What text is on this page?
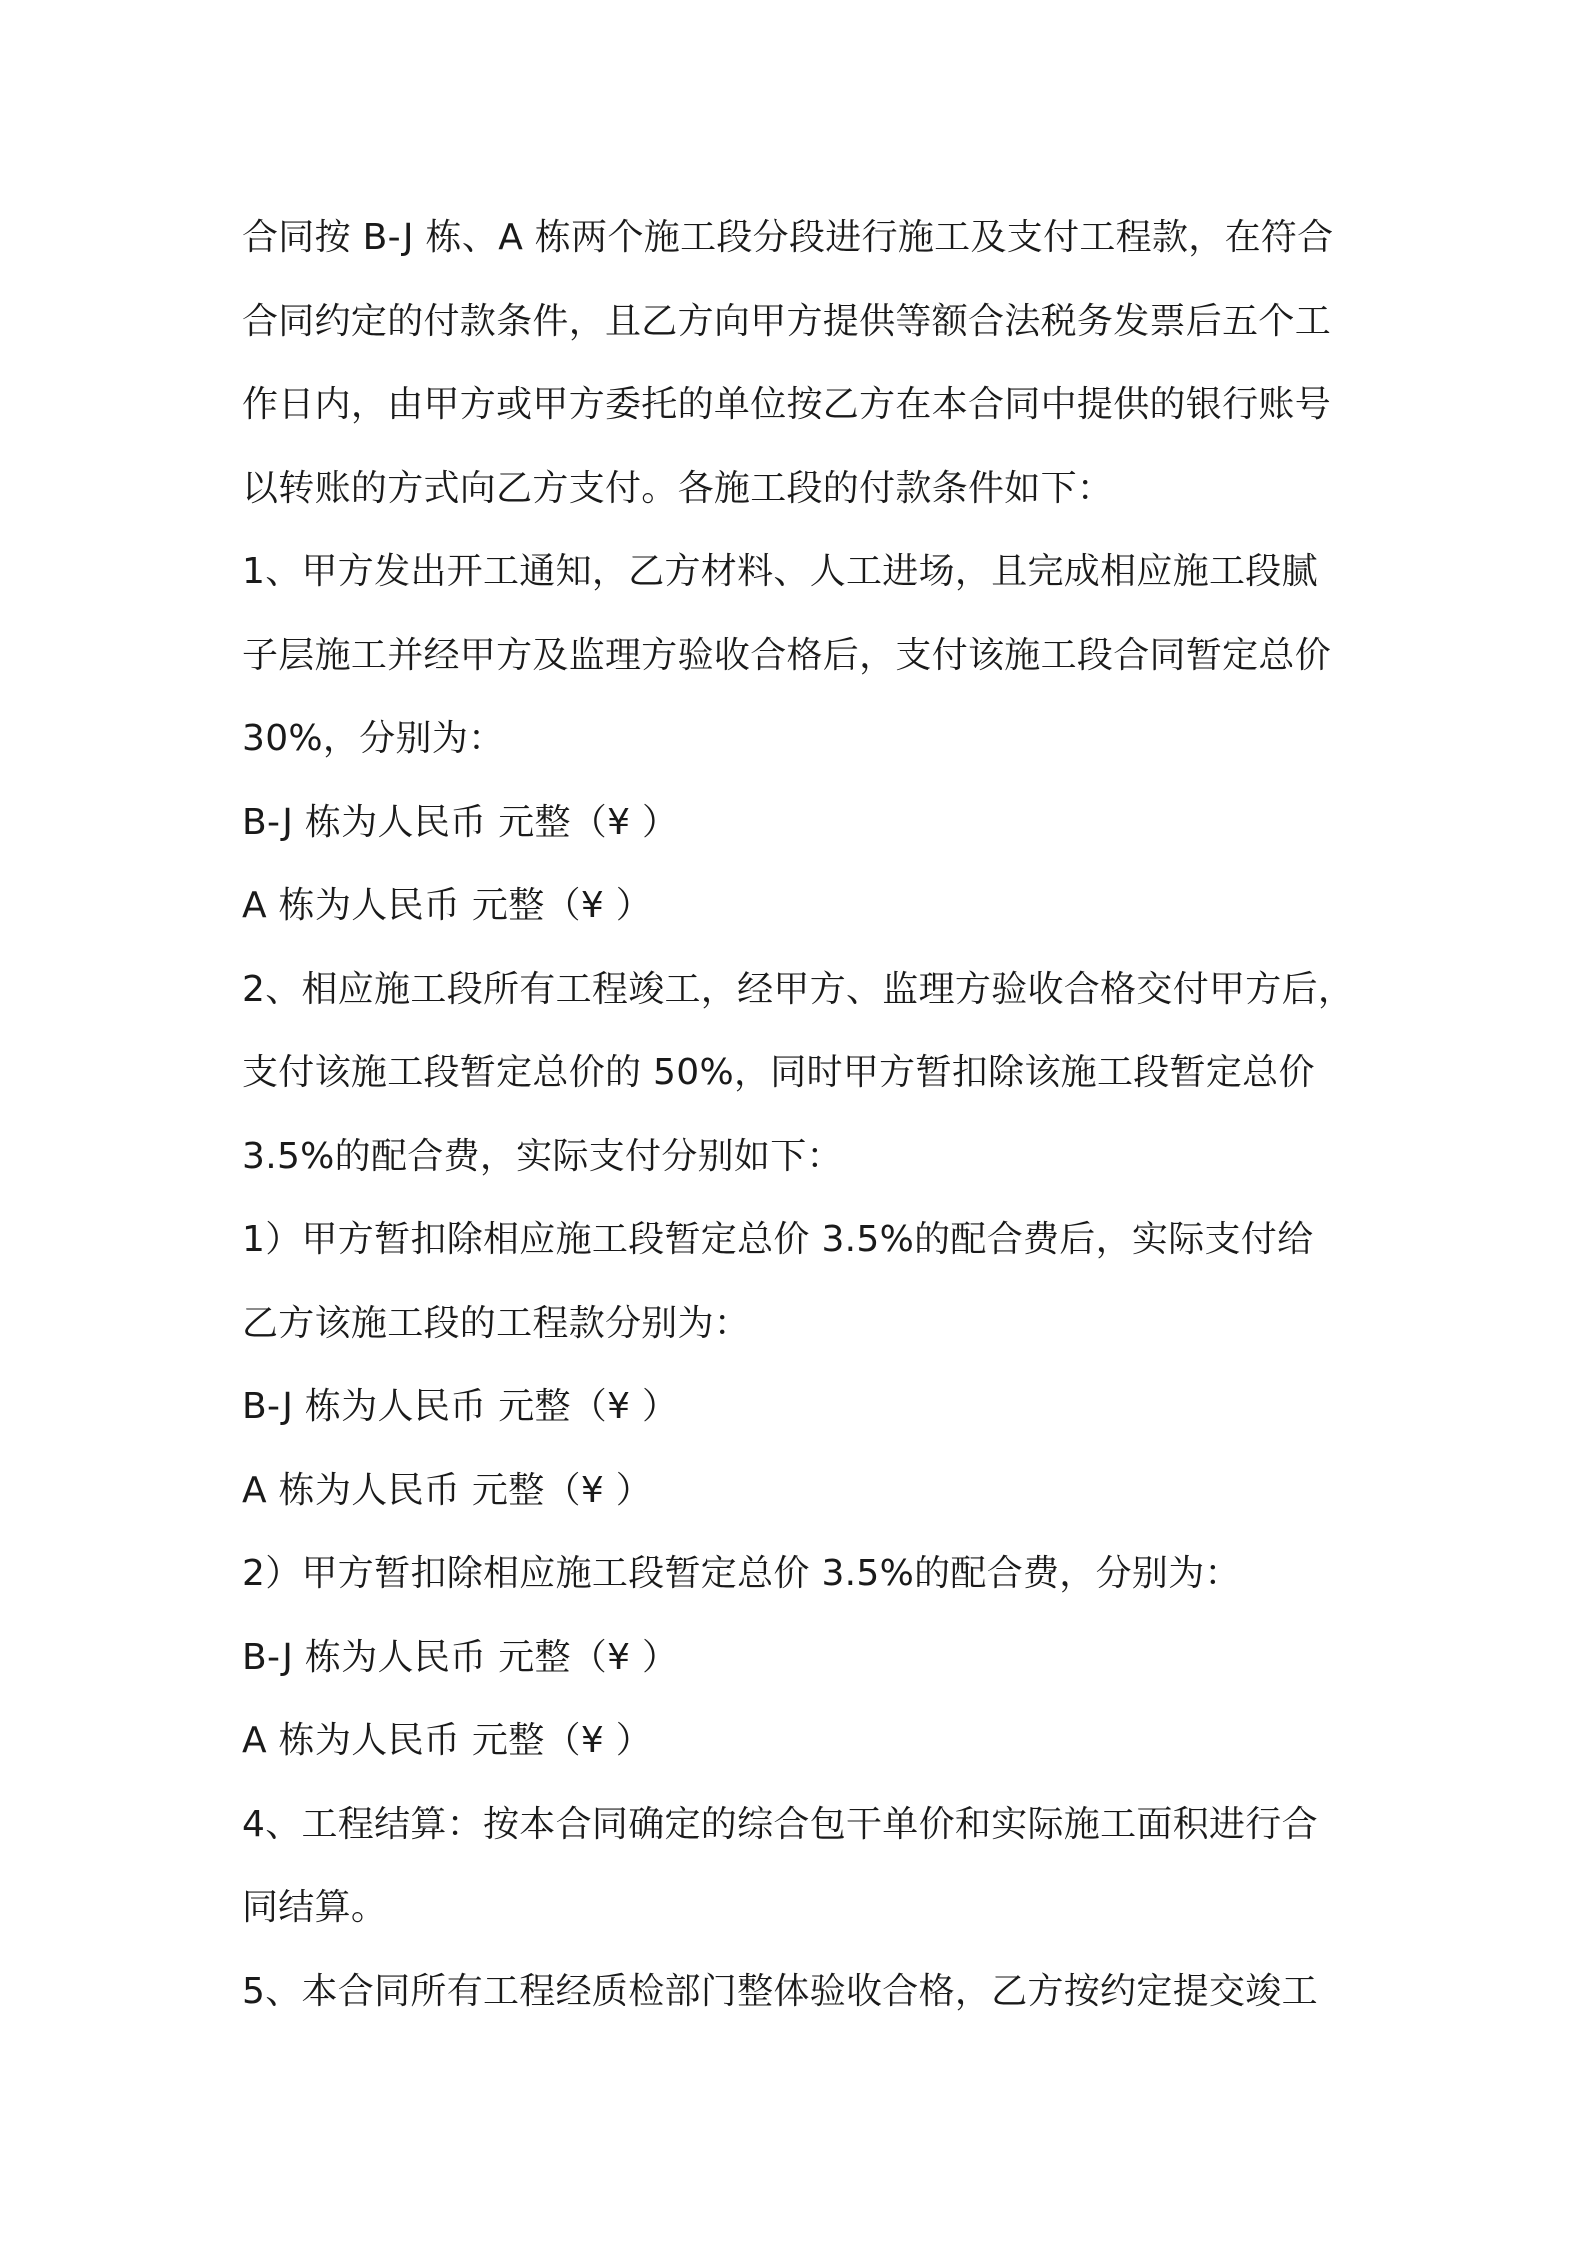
合同按 B-J 栋、A 栋两个施工段分段进行施工及支付工程款，在符合
合同约定的付款条件，且乙方向甲方提供等额合法税务发票后五个工
作日内，由甲方或甲方委托的单位按乙方在本合同中提供的银行账号
以转账的方式向乙方支付。各施工段的付款条件如下：
1、甲方发出开工通知，乙方材料、人工进场，且完成相应施工段腻
子层施工并经甲方及监理方验收合格后，支付该施工段合同暂定总价
30%，分别为：
B-J 栋为人民币 元整（¥ ）
A 栋为人民币 元整（¥ ）
2、相应施工段所有工程竣工，经甲方、监理方验收合格交付甲方后，
支付该施工段暂定总价的 50%，同时甲方暂扣除该施工段暂定总价
3.5%的配合费，实际支付分别如下：
1）甲方暂扣除相应施工段暂定总价 3.5%的配合费后，实际支付给
乙方该施工段的工程款分别为：
B-J 栋为人民币 元整（¥ ）
A 栋为人民币 元整（¥ ）
2）甲方暂扣除相应施工段暂定总价 3.5%的配合费，分别为：
B-J 栋为人民币 元整（¥ ）
A 栋为人民币 元整（¥ ）
4、工程结算：按本合同确定的综合包干单价和实际施工面积进行合
同结算。
5、本合同所有工程经质检部门整体验收合格，乙方按约定提交竣工
